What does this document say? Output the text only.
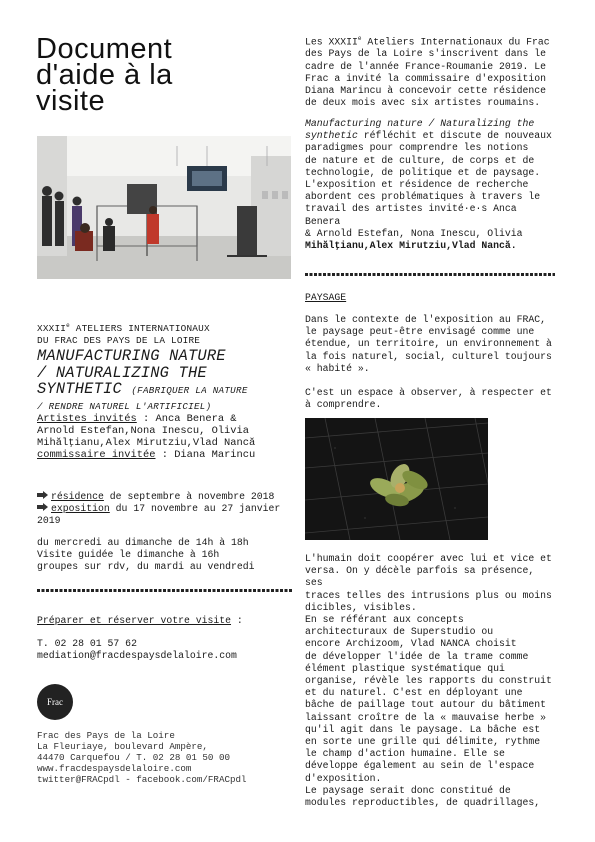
Document
d'aide à la
visite
XXXIIe ATELIERS INTERNATIONAUX
DU FRAC DES PAYS DE LA LOIRE
MANUFACTURING NATURE
/ NATURALIZING THE
SYNTHETIC (FABRIQUER LA NATURE
/ RENDRE NATUREL L'ARTIFICIEL)
Artistes invités : Anca Benera &
Arnold Estefan,Nona Inescu, Olivia
Mihălţianu,Alex Mirutziu,Vlad Nancă
commissaire invitée : Diana Marincu
résidence de septembre à novembre 2018
exposition du 17 novembre au 27 janvier 2019
du mercredi au dimanche de 14h à 18h
Visite guidée le dimanche à 16h
groupes sur rdv, du mardi au vendredi
Préparer et réserver votre visite :
T. 02 28 01 57 62
mediation@fracdespaysdelaloire.com
Frac
Frac des Pays de la Loire
La Fleuriaye, boulevard Ampère,
44470 Carquefou / T. 02 28 01 50 00
www.fracdespaysdelaloire.com
twitter@FRACpdl - facebook.com/FRACpdl
Les XXXIIe Ateliers Internationaux du Frac
des Pays de la Loire s'inscrivent dans le
cadre de l'année France-Roumanie 2019. Le
Frac a invité la commissaire d'exposition
Diana Marincu à concevoir cette résidence
de deux mois avec six artistes roumains.
Manufacturing nature / Naturalizing the
synthetic réfléchit et discute de nouveaux
paradigmes pour comprendre les notions
de nature et de culture, de corps et de
technologie, de politique et de paysage.
L'exposition et résidence de recherche
abordent ces problématiques à travers le
travail des artistes invité·e·s Anca Benera
& Arnold Estefan, Nona Inescu, Olivia
Mihălţianu,Alex Mirutziu,Vlad Nancă.
PAYSAGE
Dans le contexte de l'exposition au FRAC,
le paysage peut-être envisagé comme une
étendue, un territoire, un environnement à
la fois naturel, social, culturel toujours
« habité ».
C'est un espace à observer, à respecter et
à comprendre.
L'humain doit coopérer avec lui et vice et
versa. On y décèle parfois sa présence, ses
traces telles des intrusions plus ou moins
dicibles, visibles.
En se référant aux concepts
architecturaux de Superstudio ou
encore Archizoom, Vlad NANCA choisit
de développer l'idée de la trame comme
élément plastique systématique qui
organise, révèle les rapports du construit
et du naturel. C'est en déployant une
bâche de paillage tout autour du bâtiment
laissant croître de la « mauvaise herbe »
qu'il agit dans le paysage. La bâche est
en sorte une grille qui délimite, rythme
le champ d'action humaine. Elle se
développe également au sein de l'espace
d'exposition.
Le paysage serait donc constitué de
modules reproductibles, de quadrillages,
